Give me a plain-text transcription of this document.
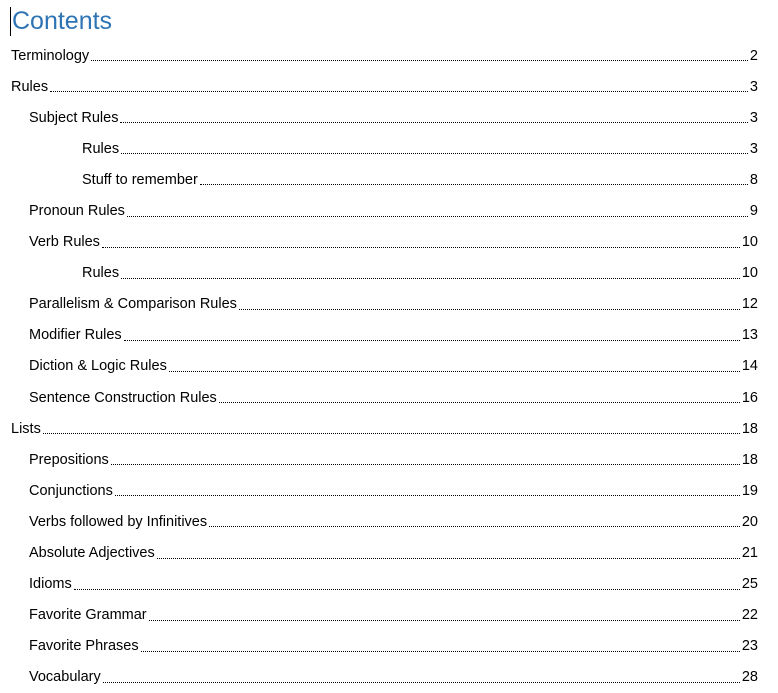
Contents
Terminology	2
Rules	3
Subject Rules	3
Rules	3
Stuff to remember	8
Pronoun Rules	9
Verb Rules	10
Rules	10
Parallelism & Comparison Rules	12
Modifier Rules	13
Diction & Logic Rules	14
Sentence Construction Rules	16
Lists	18
Prepositions	18
Conjunctions	19
Verbs followed by Infinitives	20
Absolute Adjectives	21
Idioms	25
Favorite Grammar	22
Favorite Phrases	23
Vocabulary	28
